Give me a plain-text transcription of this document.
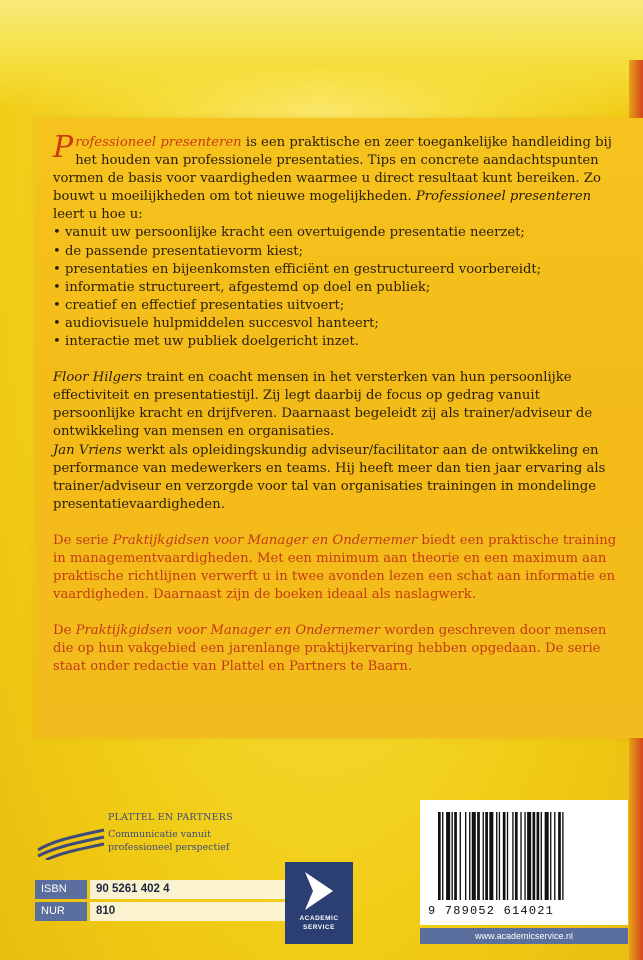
Professioneel presenteren is een praktische en zeer toegankelijke handleiding bij het houden van professionele presentaties. Tips en concrete aandachtspunten vormen de basis voor vaardigheden waarmee u direct resultaat kunt bereiken. Zo bouwt u moeilijkheden om tot nieuwe mogelijkheden. Professioneel presenteren leert u hoe u:

• vanuit uw persoonlijke kracht een overtuigende presentatie neerzet;

• de passende presentatievorm kiest;

• presentaties en bijeenkomsten efficiënt en gestructureerd voorbereidt;

• informatie structureert, afgestemd op doel en publiek;

• creatief en effectief presentaties uitvoert;

• audiovisuele hulpmiddelen succesvol hanteert;

• interactie met uw publiek doelgericht inzet.

Floor Hilgers traint en coacht mensen in het versterken van hun persoonlijke effectiviteit en presentatiestijl. Zij legt daarbij de focus op gedrag vanuit persoonlijke kracht en drijfveren. Daarnaast begeleidt zij als trainer/adviseur de ontwikkeling van mensen en organisaties.

Jan Vriens werkt als opleidingskundig adviseur/facilitator aan de ontwikkeling en performance van medewerkers en teams. Hij heeft meer dan tien jaar ervaring als trainer/adviseur en verzorgde voor tal van organisaties trainingen in mondelinge presentatievaardigheden.

De serie Praktijkgidsen voor Manager en Ondernemer biedt een praktische training in managementvaardigheden. Met een minimum aan theorie en een maximum aan praktische richtlijnen verwerft u in twee avonden lezen een schat aan informatie en vaardigheden. Daarnaast zijn de boeken ideaal als naslagwerk.

De Praktijkgidsen voor Manager en Ondernemer worden geschreven door mensen die op hun vakgebied een jarenlange praktijkervaring hebben opgedaan. De serie staat onder redactie van Plattel en Partners te Baarn.

PLATTEL EN PARTNERS
Communicatie vanuit professioneel perspectief
ISBN	90 5261 402 4
NUR	810
ACADEMIC
SERVICE
9 789052 614021
www.academicservice.nl
